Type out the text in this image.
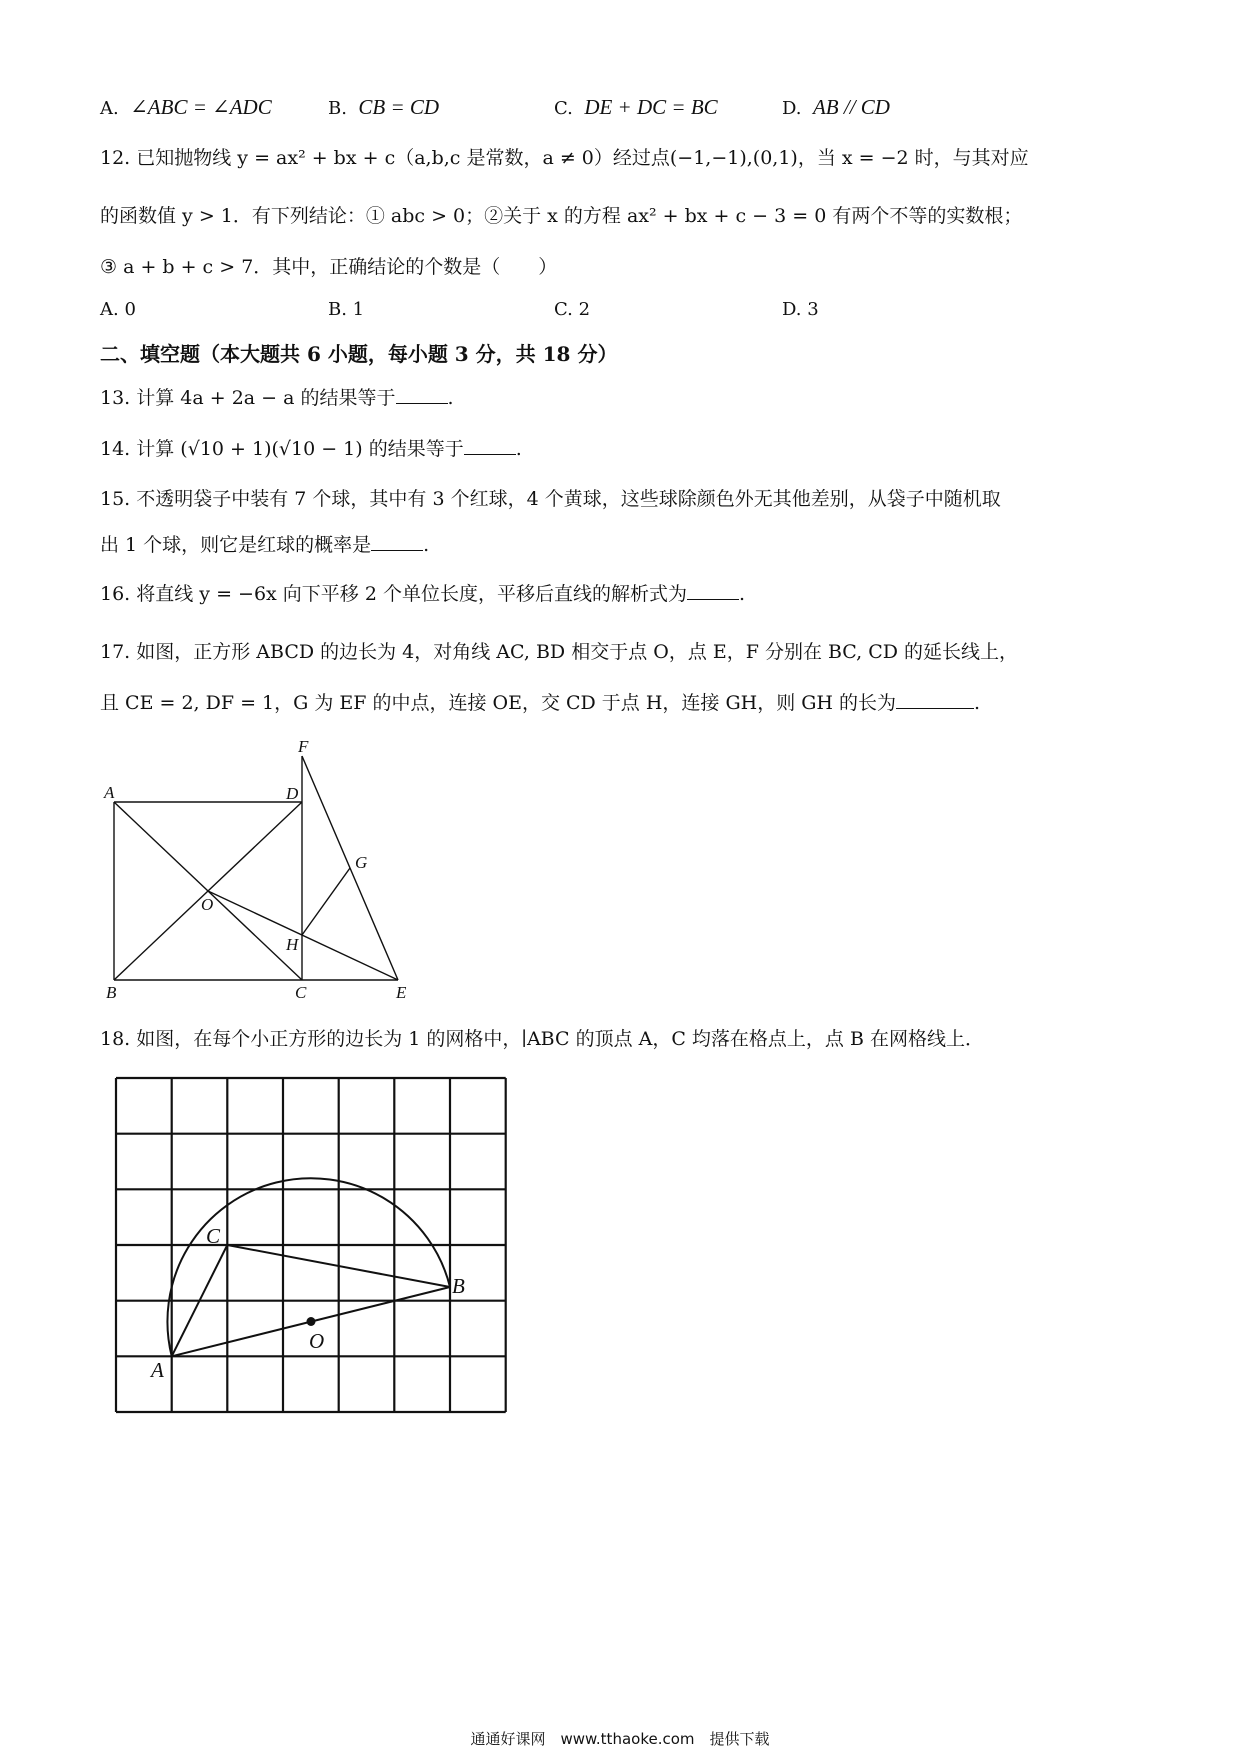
A. ∠ABC = ∠ADC	B. CB = CD	C. DE + DC = BC	D. AB // CD
12. 已知抛物线 y = ax² + bx + c（a,b,c 是常数，a ≠ 0）经过点(−1,−1),(0,1)，当 x = −2 时，与其对应
的函数值 y > 1．有下列结论：① abc > 0；②关于 x 的方程 ax² + bx + c − 3 = 0 有两个不等的实数根；
③ a + b + c > 7．其中，正确结论的个数是（　　）
A. 0	B. 1	C. 2	D. 3
二、填空题（本大题共 6 小题，每小题 3 分，共 18 分）
13. 计算 4a + 2a − a 的结果等于	.
14. 计算 (√10 + 1)(√10 − 1) 的结果等于	.
15. 不透明袋子中装有 7 个球，其中有 3 个红球，4 个黄球，这些球除颜色外无其他差别，从袋子中随机取
出 1 个球，则它是红球的概率是	.
16. 将直线 y = −6x 向下平移 2 个单位长度，平移后直线的解析式为	.
17. 如图，正方形 ABCD 的边长为 4，对角线 AC, BD 相交于点 O，点 E，F 分别在 BC, CD 的延长线上，
且 CE = 2, DF = 1，G 为 EF 的中点，连接 OE，交 CD 于点 H，连接 GH，则 GH 的长为	.
A
B	C
D
E
F
G
H
O
18. 如图，在每个小正方形的边长为 1 的网格中，∣ABC 的顶点 A，C 均落在格点上，点 B 在网格线上．
A
B
C
O
通通好课网　www.tthaoke.com　提供下载
